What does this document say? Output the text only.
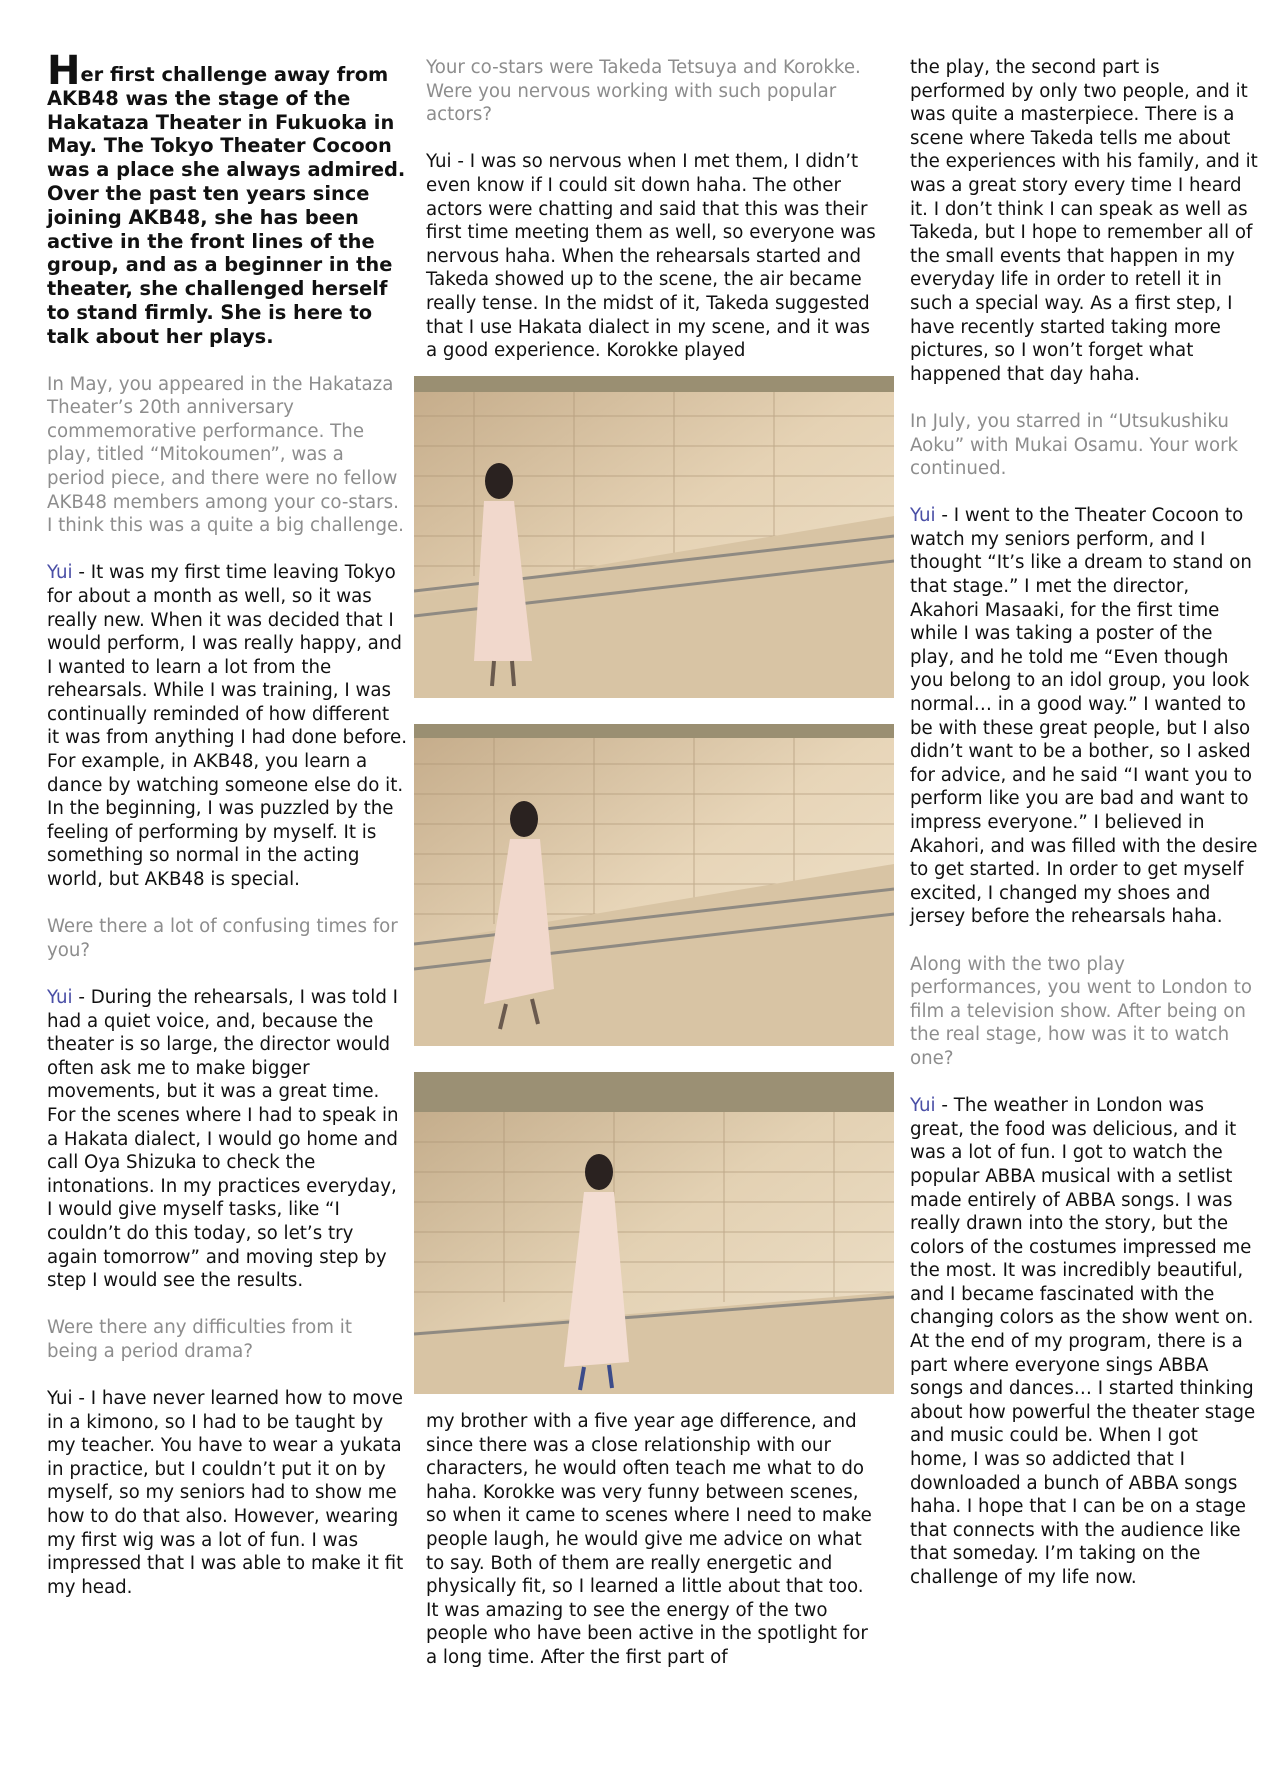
Her first challenge away from AKB48 was the stage of the Hakataza Theater in Fukuoka in May. The Tokyo Theater Cocoon was a place she always admired. Over the past ten years since joining AKB48, she has been active in the front lines of the group, and as a beginner in the theater, she challenged herself to stand firmly. She is here to talk about her plays.

In May, you appeared in the Hakataza Theater’s 20th anniversary commemorative performance. The play, titled “Mitokoumen”, was a period piece, and there were no fellow AKB48 members among your co-stars. I think this was a quite a big challenge.

Yui - It was my first time leaving Tokyo for about a month as well, so it was really new. When it was decided that I would perform, I was really happy, and I wanted to learn a lot from the rehearsals. While I was training, I was continually reminded of how different it was from anything I had done before. For example, in AKB48, you learn a dance by watching someone else do it. In the beginning, I was puzzled by the feeling of performing by myself. It is something so normal in the acting world, but AKB48 is special.

Were there a lot of confusing times for you?

Yui - During the rehearsals, I was told I had a quiet voice, and, because the theater is so large, the director would often ask me to make bigger movements, but it was a great time. For the scenes where I had to speak in a Hakata dialect, I would go home and call Oya Shizuka to check the intonations. In my practices everyday, I would give myself tasks, like “I couldn’t do this today, so let’s try again tomorrow” and moving step by step I would see the results.

Were there any difficulties from it being a period drama?

Yui - I have never learned how to move in a kimono, so I had to be taught by my teacher. You have to wear a yukata in practice, but I couldn’t put it on by myself, so my seniors had to show me how to do that also. However, wearing my first wig was a lot of fun. I was impressed that I was able to make it fit my head.

Your co-stars were Takeda Tetsuya and Korokke. Were you nervous working with such popular actors?

Yui - I was so nervous when I met them, I didn’t even know if I could sit down haha. The other actors were chatting and said that this was their first time meeting them as well, so everyone was nervous haha. When the rehearsals started and Takeda showed up to the scene, the air became really tense. In the midst of it, Takeda suggested that I use Hakata dialect in my scene, and it was a good experience. Korokke played

my brother with a five year age difference, and since there was a close relationship with our characters, he would often teach me what to do haha. Korokke was very funny between scenes, so when it came to scenes where I need to make people laugh, he would give me advice on what to say. Both of them are really energetic and physically fit, so I learned a little about that too. It was amazing to see the energy of the two people who have been active in the spotlight for a long time. After the first part of

the play, the second part is performed by only two people, and it was quite a masterpiece. There is a scene where Takeda tells me about the experiences with his family, and it was a great story every time I heard it. I don’t think I can speak as well as Takeda, but I hope to remember all of the small events that happen in my everyday life in order to retell it in such a special way. As a first step, I have recently started taking more pictures, so I won’t forget what happened that day haha.

In July, you starred in “Utsukushiku Aoku” with Mukai Osamu. Your work continued.

Yui - I went to the Theater Cocoon to watch my seniors perform, and I thought “It’s like a dream to stand on that stage.” I met the director, Akahori Masaaki, for the first time while I was taking a poster of the play, and he told me “Even though you belong to an idol group, you look normal… in a good way.” I wanted to be with these great people, but I also didn’t want to be a bother, so I asked for advice, and he said “I want you to perform like you are bad and want to impress everyone.” I believed in Akahori, and was filled with the desire to get started. In order to get myself excited, I changed my shoes and jersey before the rehearsals haha.

Along with the two play performances, you went to London to film a television show. After being on the real stage, how was it to watch one?

Yui - The weather in London was great, the food was delicious, and it was a lot of fun. I got to watch the popular ABBA musical with a setlist made entirely of ABBA songs. I was really drawn into the story, but the colors of the costumes impressed me the most. It was incredibly beautiful, and I became fascinated with the changing colors as the show went on. At the end of my program, there is a part where everyone sings ABBA songs and dances… I started thinking about how powerful the theater stage and music could be. When I got home, I was so addicted that I downloaded a bunch of ABBA songs haha. I hope that I can be on a stage that connects with the audience like that someday. I’m taking on the challenge of my life now.
